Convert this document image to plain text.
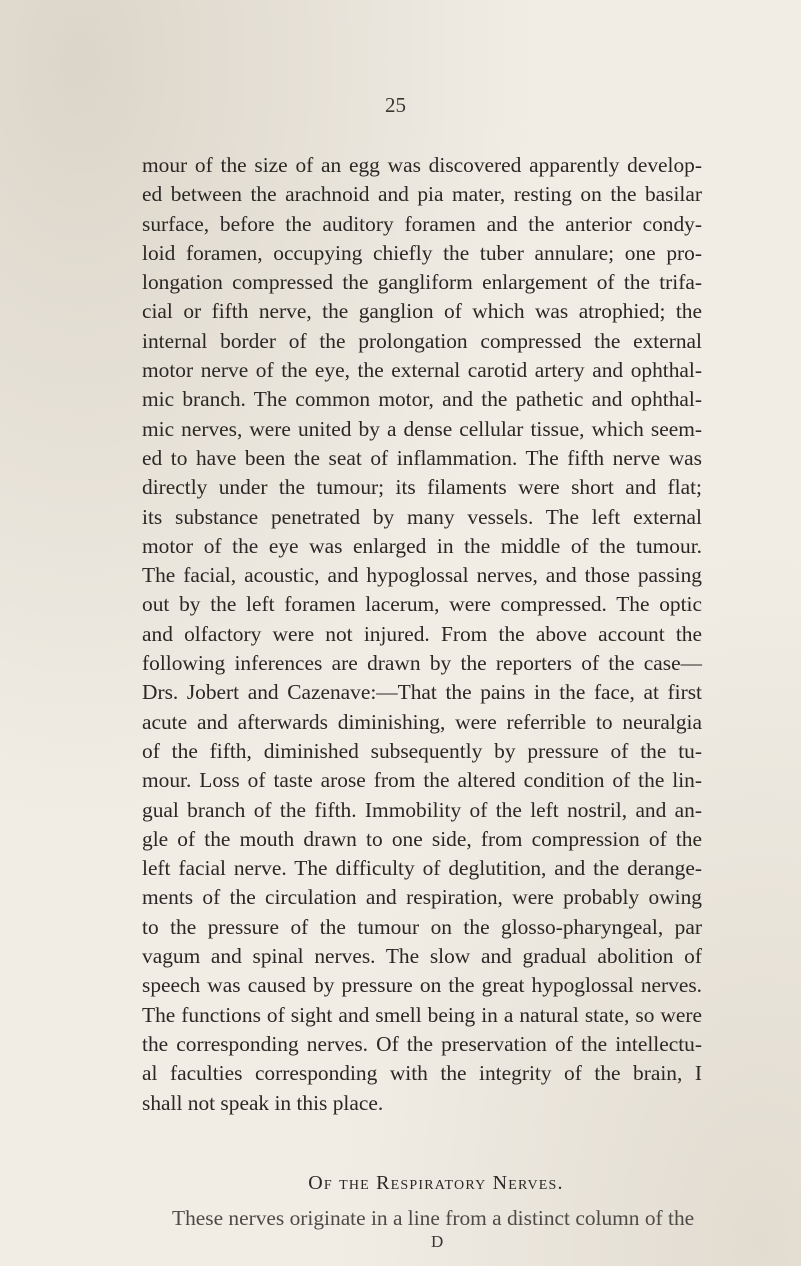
25
mour of the size of an egg was discovered apparently develop-
ed between the arachnoid and pia mater, resting on the basilar
surface, before the auditory foramen and the anterior condy-
loid foramen, occupying chiefly the tuber annulare; one pro-
longation compressed the gangliform enlargement of the trifa-
cial or fifth nerve, the ganglion of which was atrophied; the
internal border of the prolongation compressed the external
motor nerve of the eye, the external carotid artery and ophthal-
mic branch. The common motor, and the pathetic and ophthal-
mic nerves, were united by a dense cellular tissue, which seem-
ed to have been the seat of inflammation. The fifth nerve was
directly under the tumour; its filaments were short and flat;
its substance penetrated by many vessels. The left external
motor of the eye was enlarged in the middle of the tumour.
The facial, acoustic, and hypoglossal nerves, and those passing
out by the left foramen lacerum, were compressed. The optic
and olfactory were not injured. From the above account the
following inferences are drawn by the reporters of the case—
Drs. Jobert and Cazenave:—That the pains in the face, at first
acute and afterwards diminishing, were referrible to neuralgia
of the fifth, diminished subsequently by pressure of the tu-
mour. Loss of taste arose from the altered condition of the lin-
gual branch of the fifth. Immobility of the left nostril, and an-
gle of the mouth drawn to one side, from compression of the
left facial nerve. The difficulty of deglutition, and the derange-
ments of the circulation and respiration, were probably owing
to the pressure of the tumour on the glosso-pharyngeal, par
vagum and spinal nerves. The slow and gradual abolition of
speech was caused by pressure on the great hypoglossal nerves.
The functions of sight and smell being in a natural state, so were
the corresponding nerves. Of the preservation of the intellectu-
al faculties corresponding with the integrity of the brain, I
shall not speak in this place.
Of the Respiratory Nerves.
These nerves originate in a line from a distinct column of the
D
